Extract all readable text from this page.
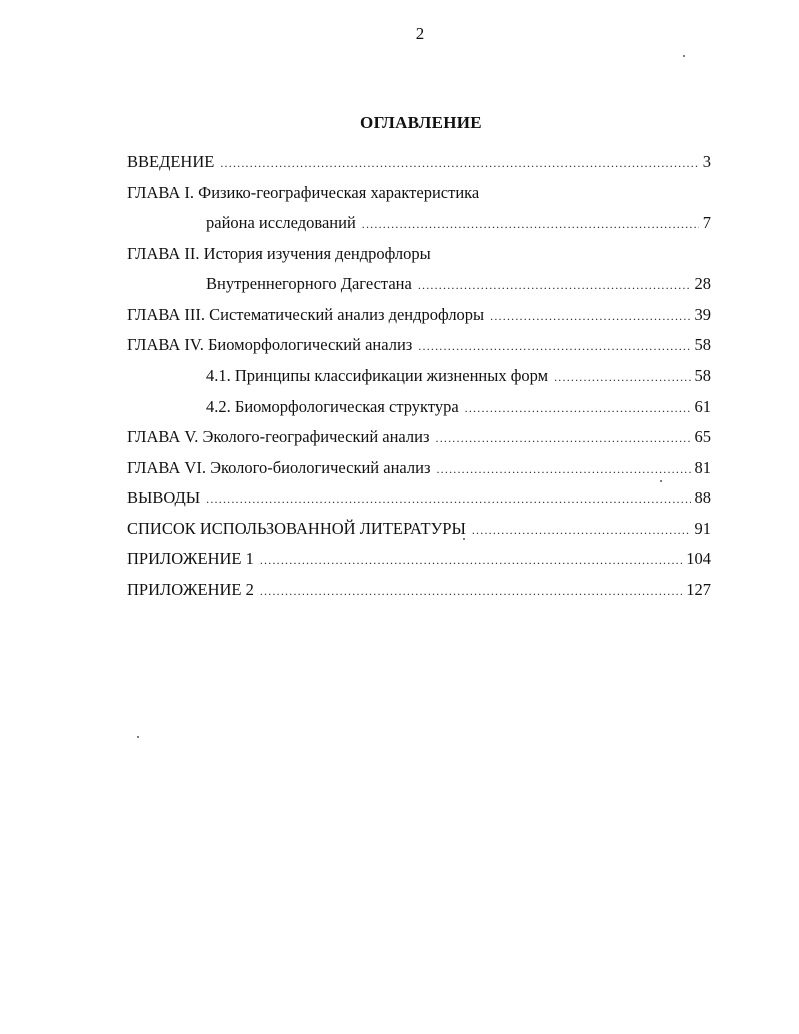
2
ОГЛАВЛЕНИЕ
ВВЕДЕНИЕ .....	3
ГЛАВА I. Физико-географическая характеристика
района исследований .....	7
ГЛАВА II. История изучения дендрофлоры
Внутреннегорного Дагестана .....	28
ГЛАВА III. Систематический анализ дендрофлоры .....	39
ГЛАВА IV. Биоморфологический анализ .....	58
4.1. Принципы классификации жизненных форм .....	58
4.2. Биоморфологическая структура .....	61
ГЛАВА V. Эколого-географический анализ .....	65
ГЛАВА VI. Эколого-биологический анализ .....	81
ВЫВОДЫ .....	88
СПИСОК ИСПОЛЬЗОВАННОЙ ЛИТЕРАТУРЫ .....	91
ПРИЛОЖЕНИЕ 1 .....	104
ПРИЛОЖЕНИЕ 2 .....	127
